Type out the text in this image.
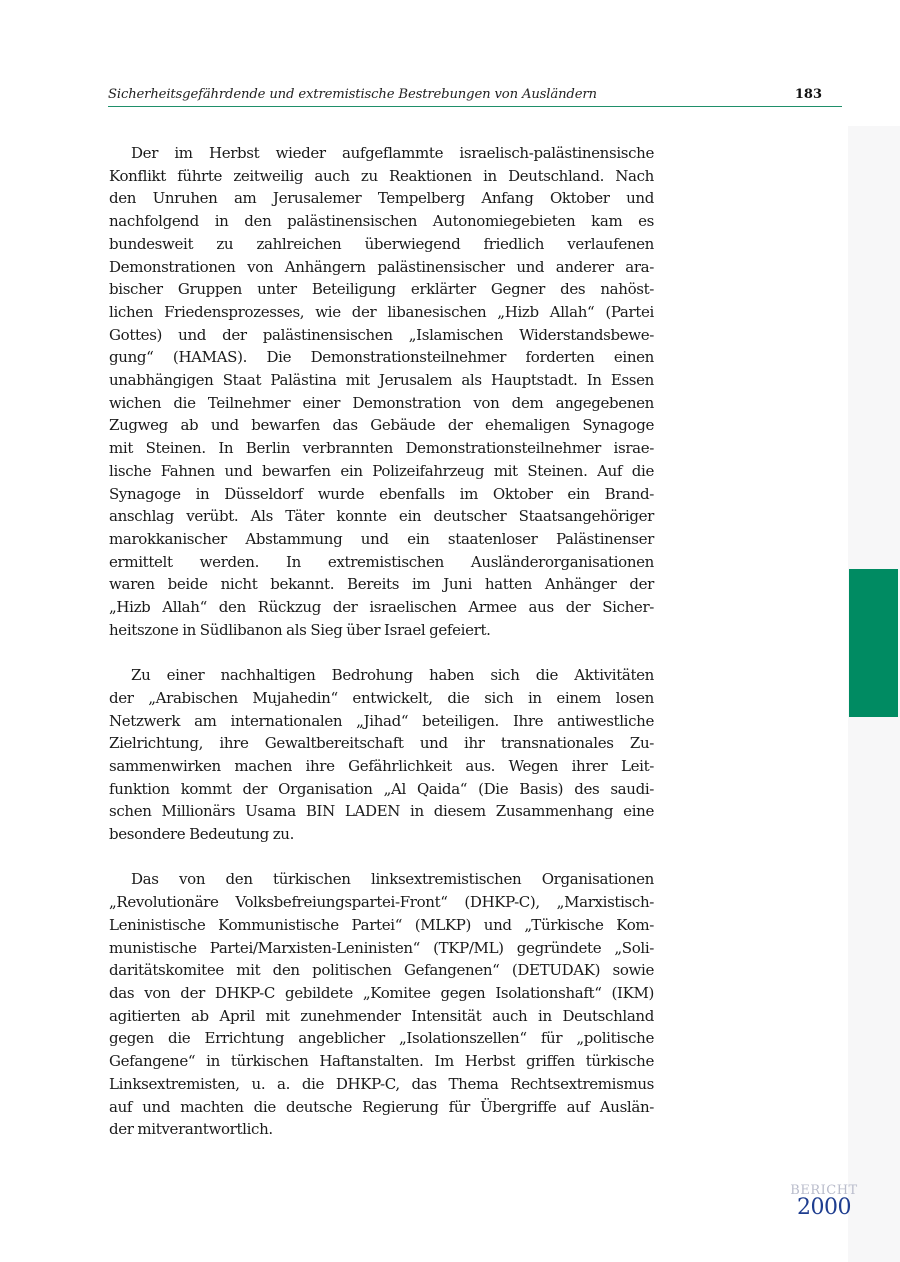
Sicherheitsgefährdende und extremistische Bestrebungen von Ausländern	183
Der im Herbst wieder aufgeflammte israelisch-palästinensische
Konflikt führte zeitweilig auch zu Reaktionen in Deutschland. Nach
den Unruhen am Jerusalemer Tempelberg Anfang Oktober und
nachfolgend in den palästinensischen Autonomiegebieten kam es
bundesweit zu zahlreichen überwiegend friedlich verlaufenen
Demonstrationen von Anhängern palästinensischer und anderer ara-
bischer Gruppen unter Beteiligung erklärter Gegner des nahöst-
lichen Friedensprozesses, wie der libanesischen „Hizb Allah“ (Partei
Gottes) und der palästinensischen „Islamischen Widerstandsbewe-
gung“ (HAMAS). Die Demonstrationsteilnehmer forderten einen
unabhängigen Staat Palästina mit Jerusalem als Hauptstadt. In Essen
wichen die Teilnehmer einer Demonstration von dem angegebenen
Zugweg ab und bewarfen das Gebäude der ehemaligen Synagoge
mit Steinen. In Berlin verbrannten Demonstrationsteilnehmer israe-
lische Fahnen und bewarfen ein Polizeifahrzeug mit Steinen. Auf die
Synagoge in Düsseldorf wurde ebenfalls im Oktober ein Brand-
anschlag verübt. Als Täter konnte ein deutscher Staatsangehöriger
marokkanischer Abstammung und ein staatenloser Palästinenser
ermittelt werden. In extremistischen Ausländerorganisationen
waren beide nicht bekannt. Bereits im Juni hatten Anhänger der
„Hizb Allah“ den Rückzug der israelischen Armee aus der Sicher-
heitszone in Südlibanon als Sieg über Israel gefeiert.
Zu einer nachhaltigen Bedrohung haben sich die Aktivitäten
der „Arabischen Mujahedin“ entwickelt, die sich in einem losen
Netzwerk am internationalen „Jihad“ beteiligen. Ihre antiwestliche
Zielrichtung, ihre Gewaltbereitschaft und ihr transnationales Zu-
sammenwirken machen ihre Gefährlichkeit aus. Wegen ihrer Leit-
funktion kommt der Organisation „Al Qaida“ (Die Basis) des saudi-
schen Millionärs Usama BIN LADEN in diesem Zusammenhang eine
besondere Bedeutung zu.
Das von den türkischen linksextremistischen Organisationen
„Revolutionäre Volksbefreiungspartei-Front“ (DHKP-C), „Marxistisch-
Leninistische Kommunistische Partei“ (MLKP) und „Türkische Kom-
munistische Partei/Marxisten-Leninisten“ (TKP/ML) gegründete „Soli-
daritätskomitee mit den politischen Gefangenen“ (DETUDAK) sowie
das von der DHKP-C gebildete „Komitee gegen Isolationshaft“ (IKM)
agitierten ab April mit zunehmender Intensität auch in Deutschland
gegen die Errichtung angeblicher „Isolationszellen“ für „politische
Gefangene“ in türkischen Haftanstalten. Im Herbst griffen türkische
Linksextremisten, u. a. die DHKP-C, das Thema Rechtsextremismus
auf und machten die deutsche Regierung für Übergriffe auf Auslän-
der mitverantwortlich.
BERICHT
2000
